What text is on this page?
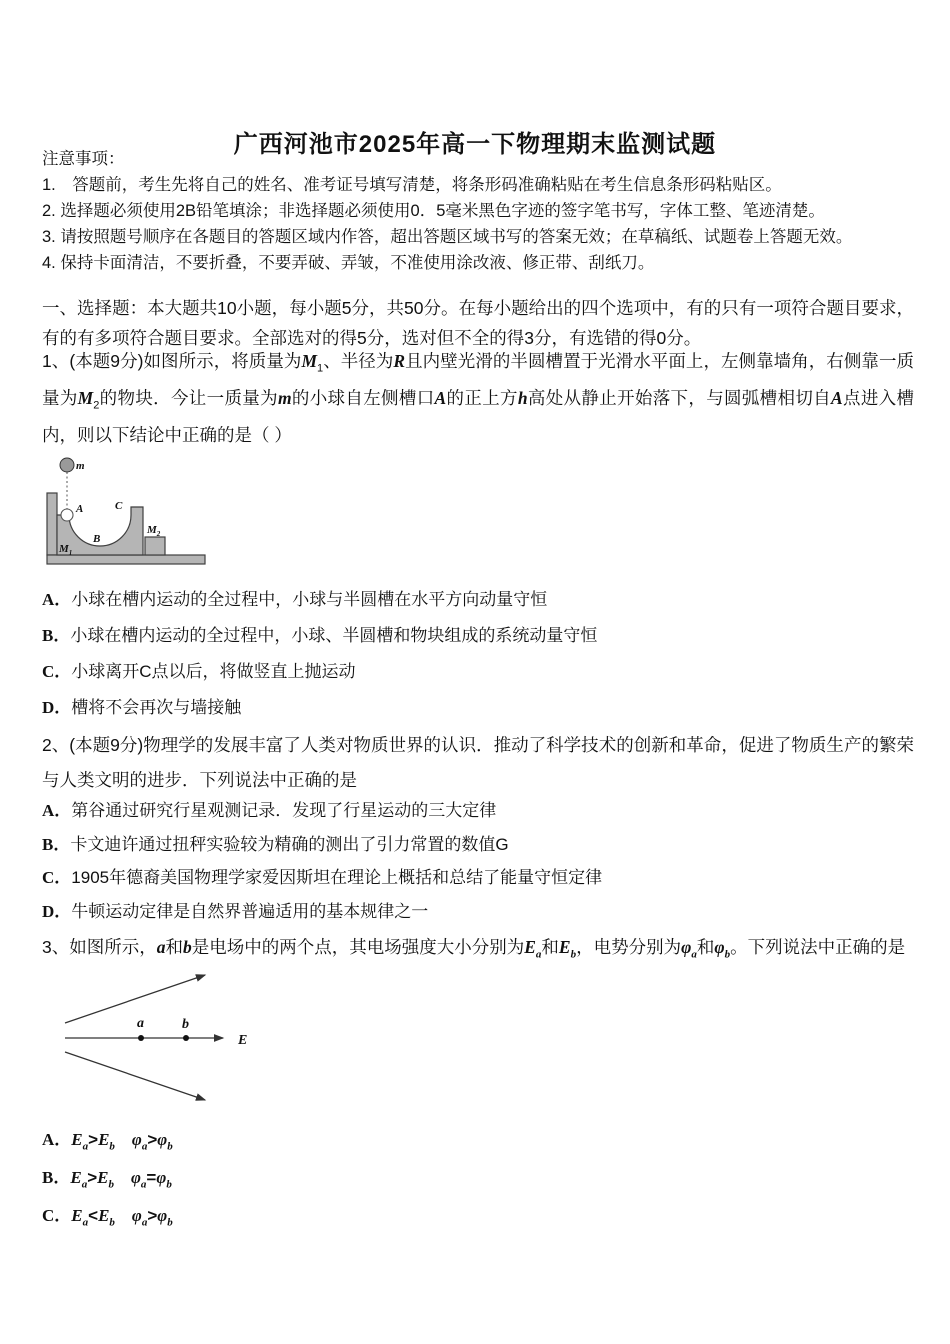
广西河池市2025年高一下物理期末监测试题
注意事项：
1.　答题前，考生先将自己的姓名、准考证号填写清楚，将条形码准确粘贴在考生信息条形码粘贴区。
2. 选择题必须使用2B铅笔填涂；非选择题必须使用0．5毫米黑色字迹的签字笔书写，字体工整、笔迹清楚。
3. 请按照题号顺序在各题目的答题区域内作答，超出答题区域书写的答案无效；在草稿纸、试题卷上答题无效。
4. 保持卡面清洁，不要折叠，不要弄破、弄皱，不准使用涂改液、修正带、刮纸刀。
一、选择题：本大题共10小题，每小题5分，共50分。在每小题给出的四个选项中，有的只有一项符合题目要求，有的有多项符合题目要求。全部选对的得5分，选对但不全的得3分，有选错的得0分。
1、(本题9分)如图所示，将质量为$M_1$、半径为R且内壁光滑的半圆槽置于光滑水平面上，左侧靠墙角，右侧靠一质量为$M_2$的物块．今让一质量为m的小球自左侧槽口A的正上方h高处从静止开始落下，与圆弧槽相切自A点进入槽内，则以下结论中正确的是（ ）
m
A	C
B
$M_1$
$M_2$
A．小球在槽内运动的全过程中，小球与半圆槽在水平方向动量守恒
B．小球在槽内运动的全过程中，小球、半圆槽和物块组成的系统动量守恒
C．小球离开C点以后，将做竖直上抛运动
D．槽将不会再次与墙接触
2、(本题9分)物理学的发展丰富了人类对物质世界的认识．推动了科学技术的创新和革命，促进了物质生产的繁荣与人类文明的进步．下列说法中正确的是
A．第谷通过研究行星观测记录．发现了行星运动的三大定律
B．卡文迪许通过扭秤实验较为精确的测出了引力常置的数值G
C．1905年德裔美国物理学家爱因斯坦在理论上概括和总结了能量守恒定律
D．牛顿运动定律是自然界普遍适用的基本规律之一
3、如图所示，a和b是电场中的两个点，其电场强度大小分别为$E_a$和$E_b$，电势分别为$\varphi_a$和$\varphi_b$。下列说法中正确的是
a	b
E
A．$E_a>E_b$　 $\varphi_a>\varphi_b$
B．$E_a>E_b$　 $\varphi_a=\varphi_b$
C．$E_a<E_b$　 $\varphi_a>\varphi_b$
